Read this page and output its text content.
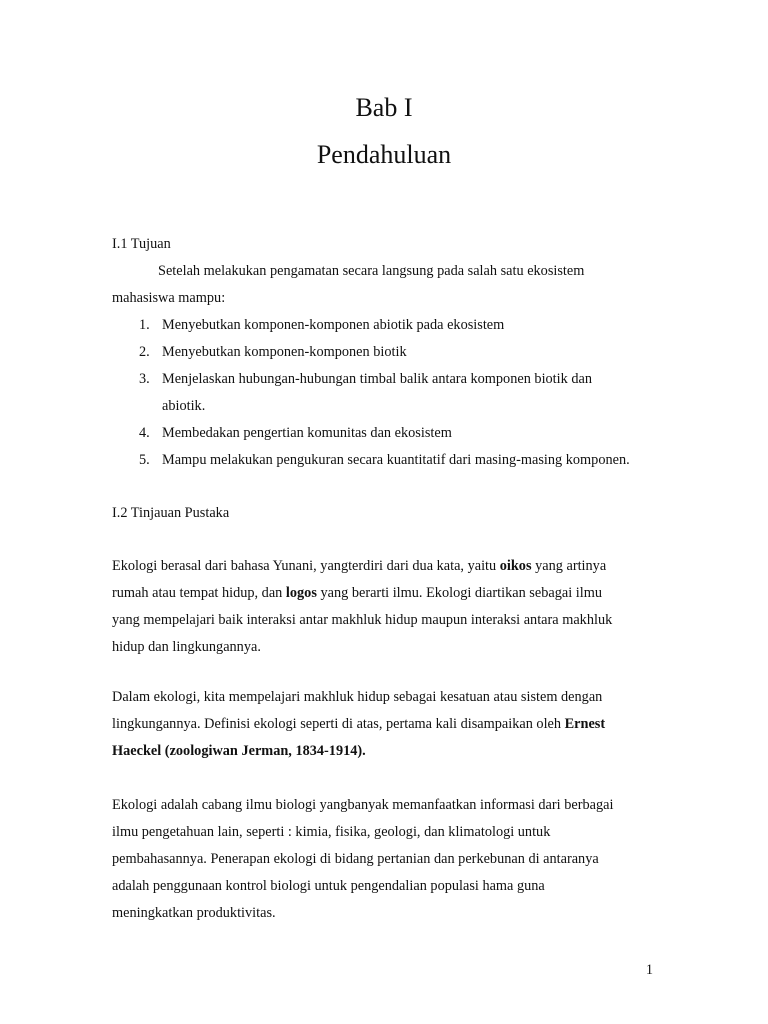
Bab I
Pendahuluan
I.1 Tujuan
Setelah melakukan pengamatan secara langsung pada salah satu ekosistem
mahasiswa mampu:
1. Menyebutkan komponen-komponen abiotik pada ekosistem
2. Menyebutkan komponen-komponen biotik
3. Menjelaskan hubungan-hubungan timbal balik antara komponen biotik dan
abiotik.
4. Membedakan pengertian komunitas dan ekosistem
5. Mampu melakukan pengukuran secara kuantitatif dari masing-masing komponen.
I.2 Tinjauan Pustaka
Ekologi berasal dari bahasa Yunani, yangterdiri dari dua kata, yaitu oikos yang artinya
rumah atau tempat hidup, dan logos yang berarti ilmu. Ekologi diartikan sebagai ilmu
yang mempelajari baik interaksi antar makhluk hidup maupun interaksi antara makhluk
hidup dan lingkungannya.
Dalam ekologi, kita mempelajari makhluk hidup sebagai kesatuan atau sistem dengan
lingkungannya. Definisi ekologi seperti di atas, pertama kali disampaikan oleh Ernest
Haeckel (zoologiwan Jerman, 1834-1914).
Ekologi adalah cabang ilmu biologi yangbanyak memanfaatkan informasi dari berbagai
ilmu pengetahuan lain, seperti : kimia, fisika, geologi, dan klimatologi untuk
pembahasannya. Penerapan ekologi di bidang pertanian dan perkebunan di antaranya
adalah penggunaan kontrol biologi untuk pengendalian populasi hama guna
meningkatkan produktivitas.
1
